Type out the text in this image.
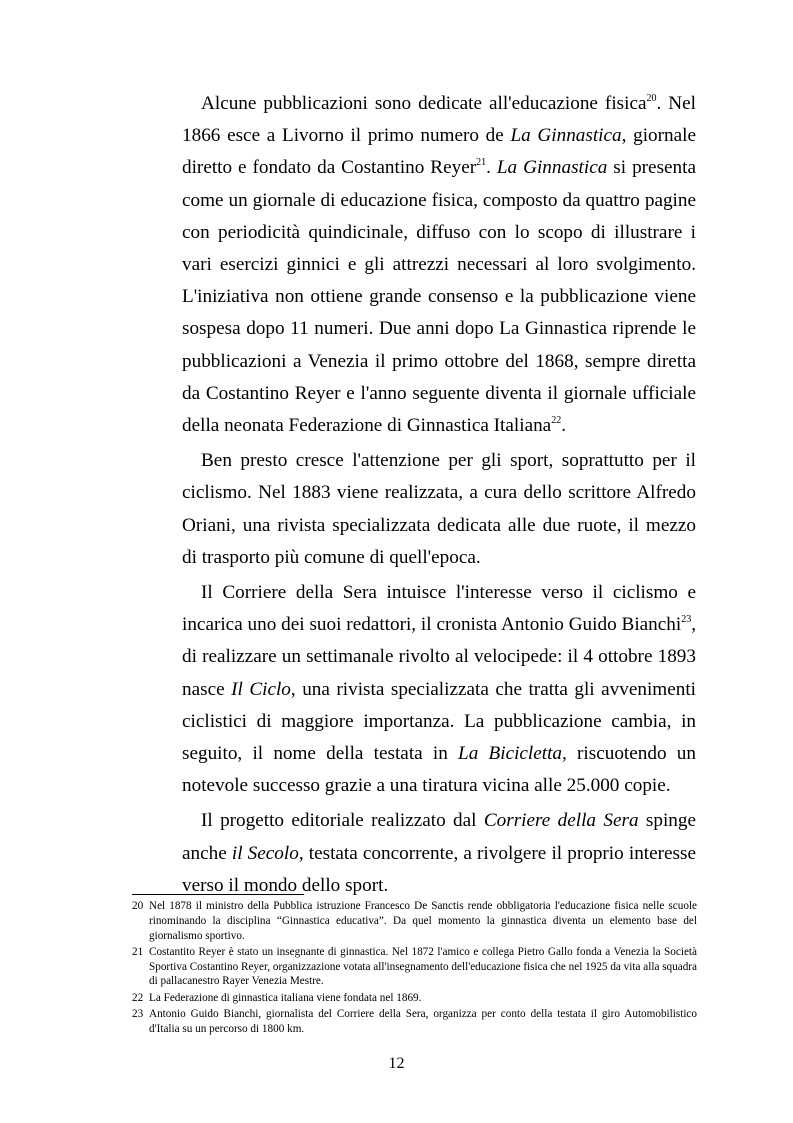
Alcune pubblicazioni sono dedicate all'educazione fisica$^{20}$. Nel 1866 esce a Livorno il primo numero de La Ginnastica, giornale diretto e fondato da Costantino Reyer$^{21}$. La Ginnastica si presenta come un giornale di educazione fisica, composto da quattro pagine con periodicità quindicinale, diffuso con lo scopo di illustrare i vari esercizi ginnici e gli attrezzi necessari al loro svolgimento. L'iniziativa non ottiene grande consenso e la pubblicazione viene sospesa dopo 11 numeri. Due anni dopo La Ginnastica riprende le pubblicazioni a Venezia il primo ottobre del 1868, sempre diretta da Costantino Reyer e l'anno seguente diventa il giornale ufficiale della neonata Federazione di Ginnastica Italiana$^{22}$.

Ben presto cresce l'attenzione per gli sport, soprattutto per il ciclismo. Nel 1883 viene realizzata, a cura dello scrittore Alfredo Oriani, una rivista specializzata dedicata alle due ruote, il mezzo di trasporto più comune di quell'epoca.

Il Corriere della Sera intuisce l'interesse verso il ciclismo e incarica uno dei suoi redattori, il cronista Antonio Guido Bianchi$^{23}$, di realizzare un settimanale rivolto al velocipede: il 4 ottobre 1893 nasce Il Ciclo, una rivista specializzata che tratta gli avvenimenti ciclistici di maggiore importanza. La pubblicazione cambia, in seguito, il nome della testata in La Bicicletta, riscuotendo un notevole successo grazie a una tiratura vicina alle 25.000 copie.

Il progetto editoriale realizzato dal Corriere della Sera spinge anche il Secolo, testata concorrente, a rivolgere il proprio interesse verso il mondo dello sport.

20 Nel 1878 il ministro della Pubblica istruzione Francesco De Sanctis rende obbligatoria l'educazione fisica nelle scuole rinominando la disciplina “Ginnastica educativa”. Da quel momento la ginnastica diventa un elemento base del giornalismo sportivo.
21 Costantito Reyer è stato un insegnante di ginnastica. Nel 1872 l'amico e collega Pietro Gallo fonda a Venezia la Società Sportiva Costantino Reyer, organizzazione votata all'insegnamento dell'educazione fisica che nel 1925 da vita alla squadra di pallacanestro Rayer Venezia Mestre.
22 La Federazione di ginnastica italiana viene fondata nel 1869.
23 Antonio Guido Bianchi, giornalista del Corriere della Sera, organizza per conto della testata il giro Automobilistico d'Italia su un percorso di 1800 km.
12
